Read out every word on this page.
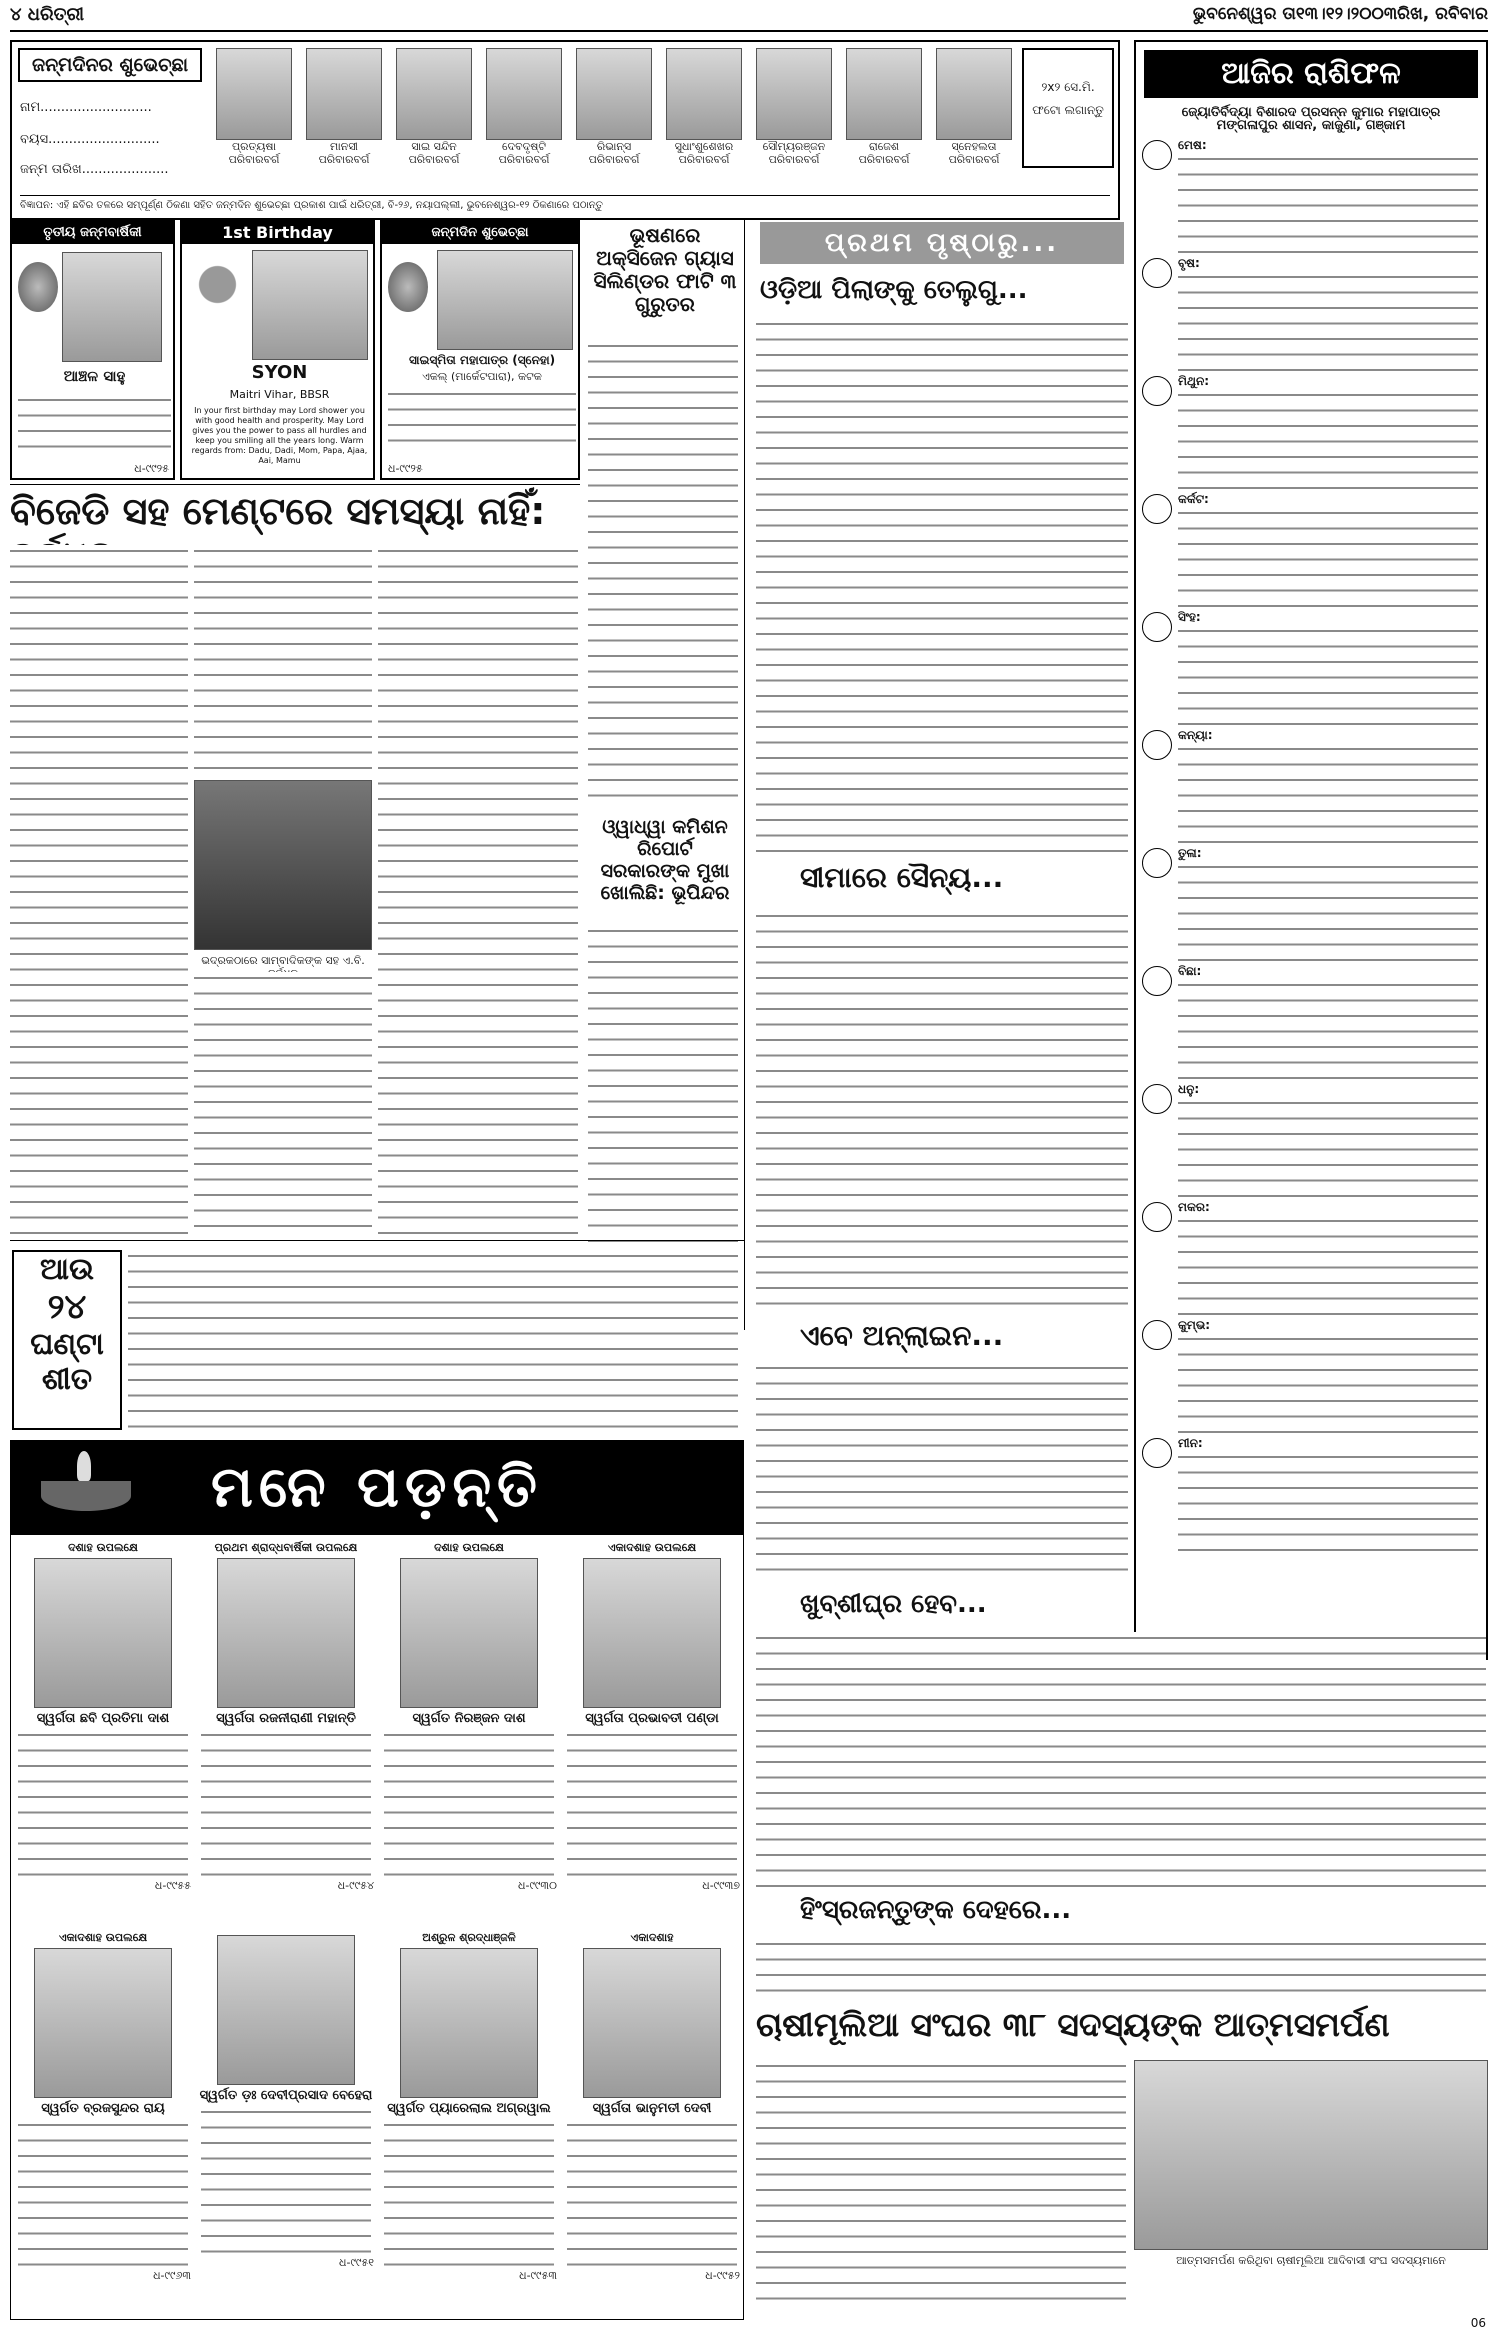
୪ ଧରିତ୍ରୀ	ଭୁବନେଶ୍ୱର ତା୧୩।୧୨।୨୦୦୩ରିଖ, ରବିବାର
ଜନ୍ମଦିନର ଶୁଭେଚ୍ଛା
ନାମ...........................
ବୟସ...........................
ଜନ୍ମ ତାରିଖ.....................
ପ୍ରତ୍ୟଷା
ପରିବାରବର୍ଗ
ମାନସୀ
ପରିବାରବର୍ଗ
ସାଇ ସନ୍ଦିନ
ପରିବାରବର୍ଗ
ଦେବଦୃଷ୍ଟି
ପରିବାରବର୍ଗ
ରିଭାନ୍ସ
ପରିବାରବର୍ଗ
ସୁଧାଂଶୁଶେଖର
ପରିବାରବର୍ଗ
ସୌମ୍ୟରଞ୍ଜନ
ପରିବାରବର୍ଗ
ରାଜେଶ
ପରିବାରବର୍ଗ
ସ୍ନେହଲତା
ପରିବାରବର୍ଗ
୨x୨ ସେ.ମି.
ଫଟୋ ଲଗାନ୍ତୁ
ବିଜ୍ଞାପନ: ଏହି ଛବିର ତଳରେ ସମ୍ପୂର୍ଣ୍ଣ ଠିକଣା ସହିତ ଜନ୍ମଦିନ ଶୁଭେଚ୍ଛା ପ୍ରକାଶ ପାଇଁ ଧରିତ୍ରୀ, ବି-୨୬, ନୟାପଲ୍ଲୀ, ଭୁବନେଶ୍ୱର-୧୨ ଠିକଣାରେ ପଠାନ୍ତୁ
ତୃତୀୟ ଜନ୍ମବାର୍ଷିକୀ
ଆଞ୍ଚଳ ସାହୁ
ଧ-୯୯୨୫
1st Birthday
SYON
Maitri Vihar, BBSR
In your first birthday may Lord shower you with good health and prosperity. May Lord gives you the power to pass all hurdles and keep you smiling all the years long. Warm regards from: Dadu, Dadi, Mom, Papa, Ajaa, Aai, Mamu
ଜନ୍ମଦିନ ଶୁଭେଚ୍ଛା
ସାଇସ୍ମିତା ମହାପାତ୍ର (ସ୍ନେହା)
ଏକଲ୍ (ମାର୍କେଟପାରା), କଟକ
ଧ-୯୯୨୫
ଭୂଷଣରେ ଅକ୍ସିଜେନ ଗ୍ୟାସ ସିଲିଣ୍ଡର ଫାଟି ୩ ଗୁରୁତର
ଓ୍ୱାଧ୍ୱା କମିଶନ ରିପୋର୍ଟ ସରକାରଙ୍କ ମୁଖା ଖୋଲିଛି: ଭୂପିନ୍ଦର
ପ୍ରଥମ ପୃଷ୍ଠାରୁ...
ଓଡ଼ିଆ ପିଲାଙ୍କୁ ତେଲୁଗୁ...
ସୀମାରେ ସୈନ୍ୟ...
ଆଜିର ରାଶିଫଳ
ଜ୍ୟୋତିର୍ବିଦ୍ୟା ବିଶାରଦ ପ୍ରସନ୍ନ କୁମାର ମହାପାତ୍ର
ମଙ୍ଗଳାପୁର ଶାସନ, କାଜୁଣା, ଗଞ୍ଜାମ
ମେଷ:
ବୃଷ:
ମିଥୁନ:
କର୍କଟ:
ସିଂହ:
କନ୍ୟା:
ତୁଳା:
ବିଛା:
ଧନୁ:
ମକର:
କୁମ୍ଭ:
ମୀନ:
ବିଜେଡି ସହ ମେଣ୍ଟରେ ସମସ୍ୟା ନାହିଁ:
ଭଦ୍ରକଠାରେ ସାମ୍ବାଦିକଙ୍କ ସହ ଏ.ବି.
ଆଉ
୨୪
ଘଣ୍ଟା
ଶୀତ
ଏବେ ଅନ୍‌ଲାଇନ...
ଖୁବ୍‌ଶୀଘ୍ର ହେବ...
ହିଂସ୍ରଜନ୍ତୁଙ୍କ ଦେହରେ...
ମନେ ପଡ଼ନ୍ତି
ଦଶାହ ଉପଲକ୍ଷେ
ସ୍ୱର୍ଗତା ଛବି ପ୍ରତିମା ଦାଶ
ଧ-୯୯୫୫
ପ୍ରଥମ ଶ୍ରାଦ୍ଧବାର୍ଷିକୀ ଉପଲକ୍ଷେ
ସ୍ୱର୍ଗତା ରଜନୀରାଣୀ ମହାନ୍ତି
ଧ-୯୯୫୪
ଦଶାହ ଉପଲକ୍ଷେ
ସ୍ୱର୍ଗତ ନିରଞ୍ଜନ ଦାଶ
ଧ-୯୯୩୦
ଏକାଦଶାହ ଉପଲକ୍ଷେ
ସ୍ୱର୍ଗତା ପ୍ରଭାବତୀ ପଣ୍ଡା
ଧ-୯୯୩୭
ଏକାଦଶାହ ଉପଲକ୍ଷେ
ସ୍ୱର୍ଗତ ବ୍ରଜସୁନ୍ଦର ରାୟ
ଧ-୯୯୬୩
ସ୍ୱର୍ଗତ ଡ଼ଃ ଦେବୀପ୍ରସାଦ ବେହେରା
ଧ-୯୯୫୧
ଅଶ୍ରୁଳ ଶ୍ରଦ୍ଧାଞ୍ଜଳି
ସ୍ୱର୍ଗତ ପ୍ୟାରେଲାଲ ଅଗ୍ରୱାଲ
ଧ-୯୯୫୩
ଏକାଦଶାହ
ସ୍ୱର୍ଗତା ଭାନୁମତୀ ଦେବୀ
ଧ-୯୯୫୨
ଚାଷୀମୂଲିଆ ସଂଘର ୩୮ ସଦସ୍ୟଙ୍କ ଆତ୍ମସମର୍ପଣ
ଆତ୍ମସମର୍ପଣ କରିଥିବା ଚାଷୀମୂଲିଆ ଆଦିବାସୀ ସଂଘ ସଦସ୍ୟମାନେ
06
